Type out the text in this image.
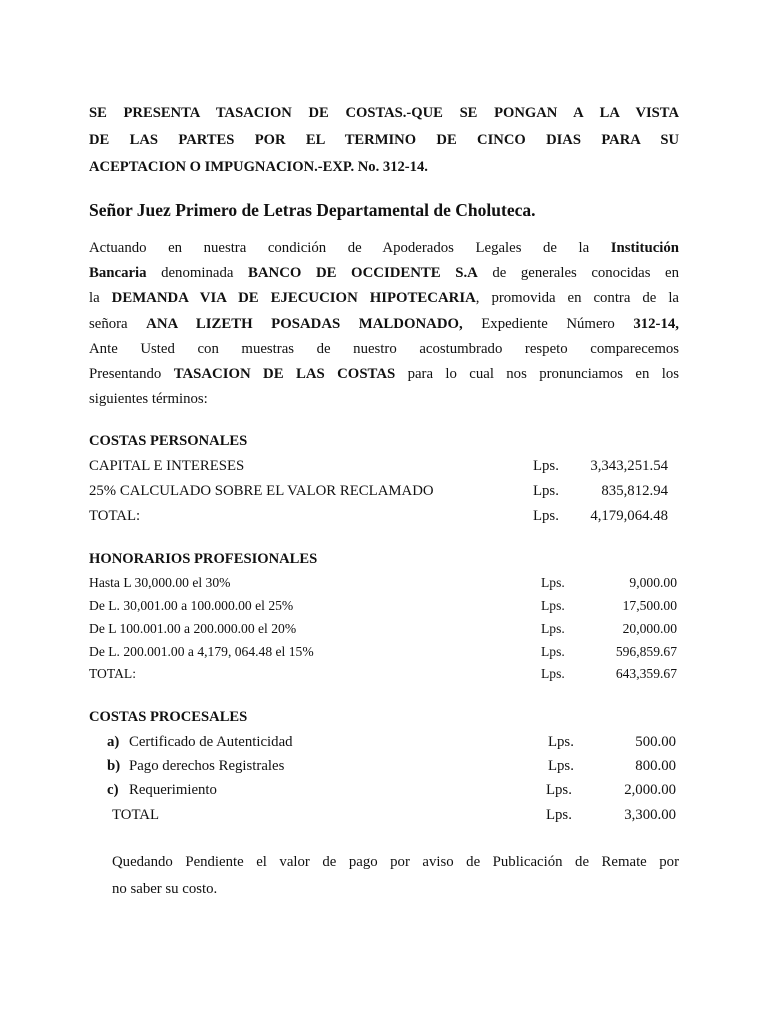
SE PRESENTA TASACION DE COSTAS.-QUE SE PONGAN A LA VISTA
DE LAS PARTES POR EL TERMINO DE CINCO DIAS PARA SU
ACEPTACION O IMPUGNACION.-EXP. No. 312-14.
Señor Juez Primero de Letras Departamental de Choluteca.
Actuando en nuestra condición de Apoderados Legales de la Institución
Bancaria denominada BANCO DE OCCIDENTE S.A de generales conocidas en
la DEMANDA VIA DE EJECUCION HIPOTECARIA, promovida en contra de la
señora ANA LIZETH POSADAS MALDONADO, Expediente Número 312-14,
Ante Usted con muestras de nuestro acostumbrado respeto comparecemos
Presentando TASACION DE LAS COSTAS para lo cual nos pronunciamos en los
siguientes términos:
COSTAS PERSONALES
CAPITAL E INTERESES	Lps.	3,343,251.54
25% CALCULADO SOBRE EL VALOR RECLAMADO	Lps.	835,812.94
TOTAL:	Lps.	4,179,064.48
HONORARIOS PROFESIONALES
Hasta L 30,000.00 el 30%	Lps.	9,000.00
De L. 30,001.00 a 100.000.00 el 25%	Lps.	17,500.00
De L 100.001.00 a 200.000.00 el 20%	Lps.	20,000.00
De L. 200.001.00 a 4,179, 064.48 el 15%	Lps.	596,859.67
TOTAL:	Lps.	643,359.67
COSTAS PROCESALES
a) Certificado de Autenticidad	Lps.	500.00
b) Pago derechos Registrales	Lps.	800.00
c) Requerimiento	Lps.	2,000.00
TOTAL	Lps.	3,300.00
Quedando Pendiente el valor de pago por aviso de Publicación de Remate por
no saber su costo.
